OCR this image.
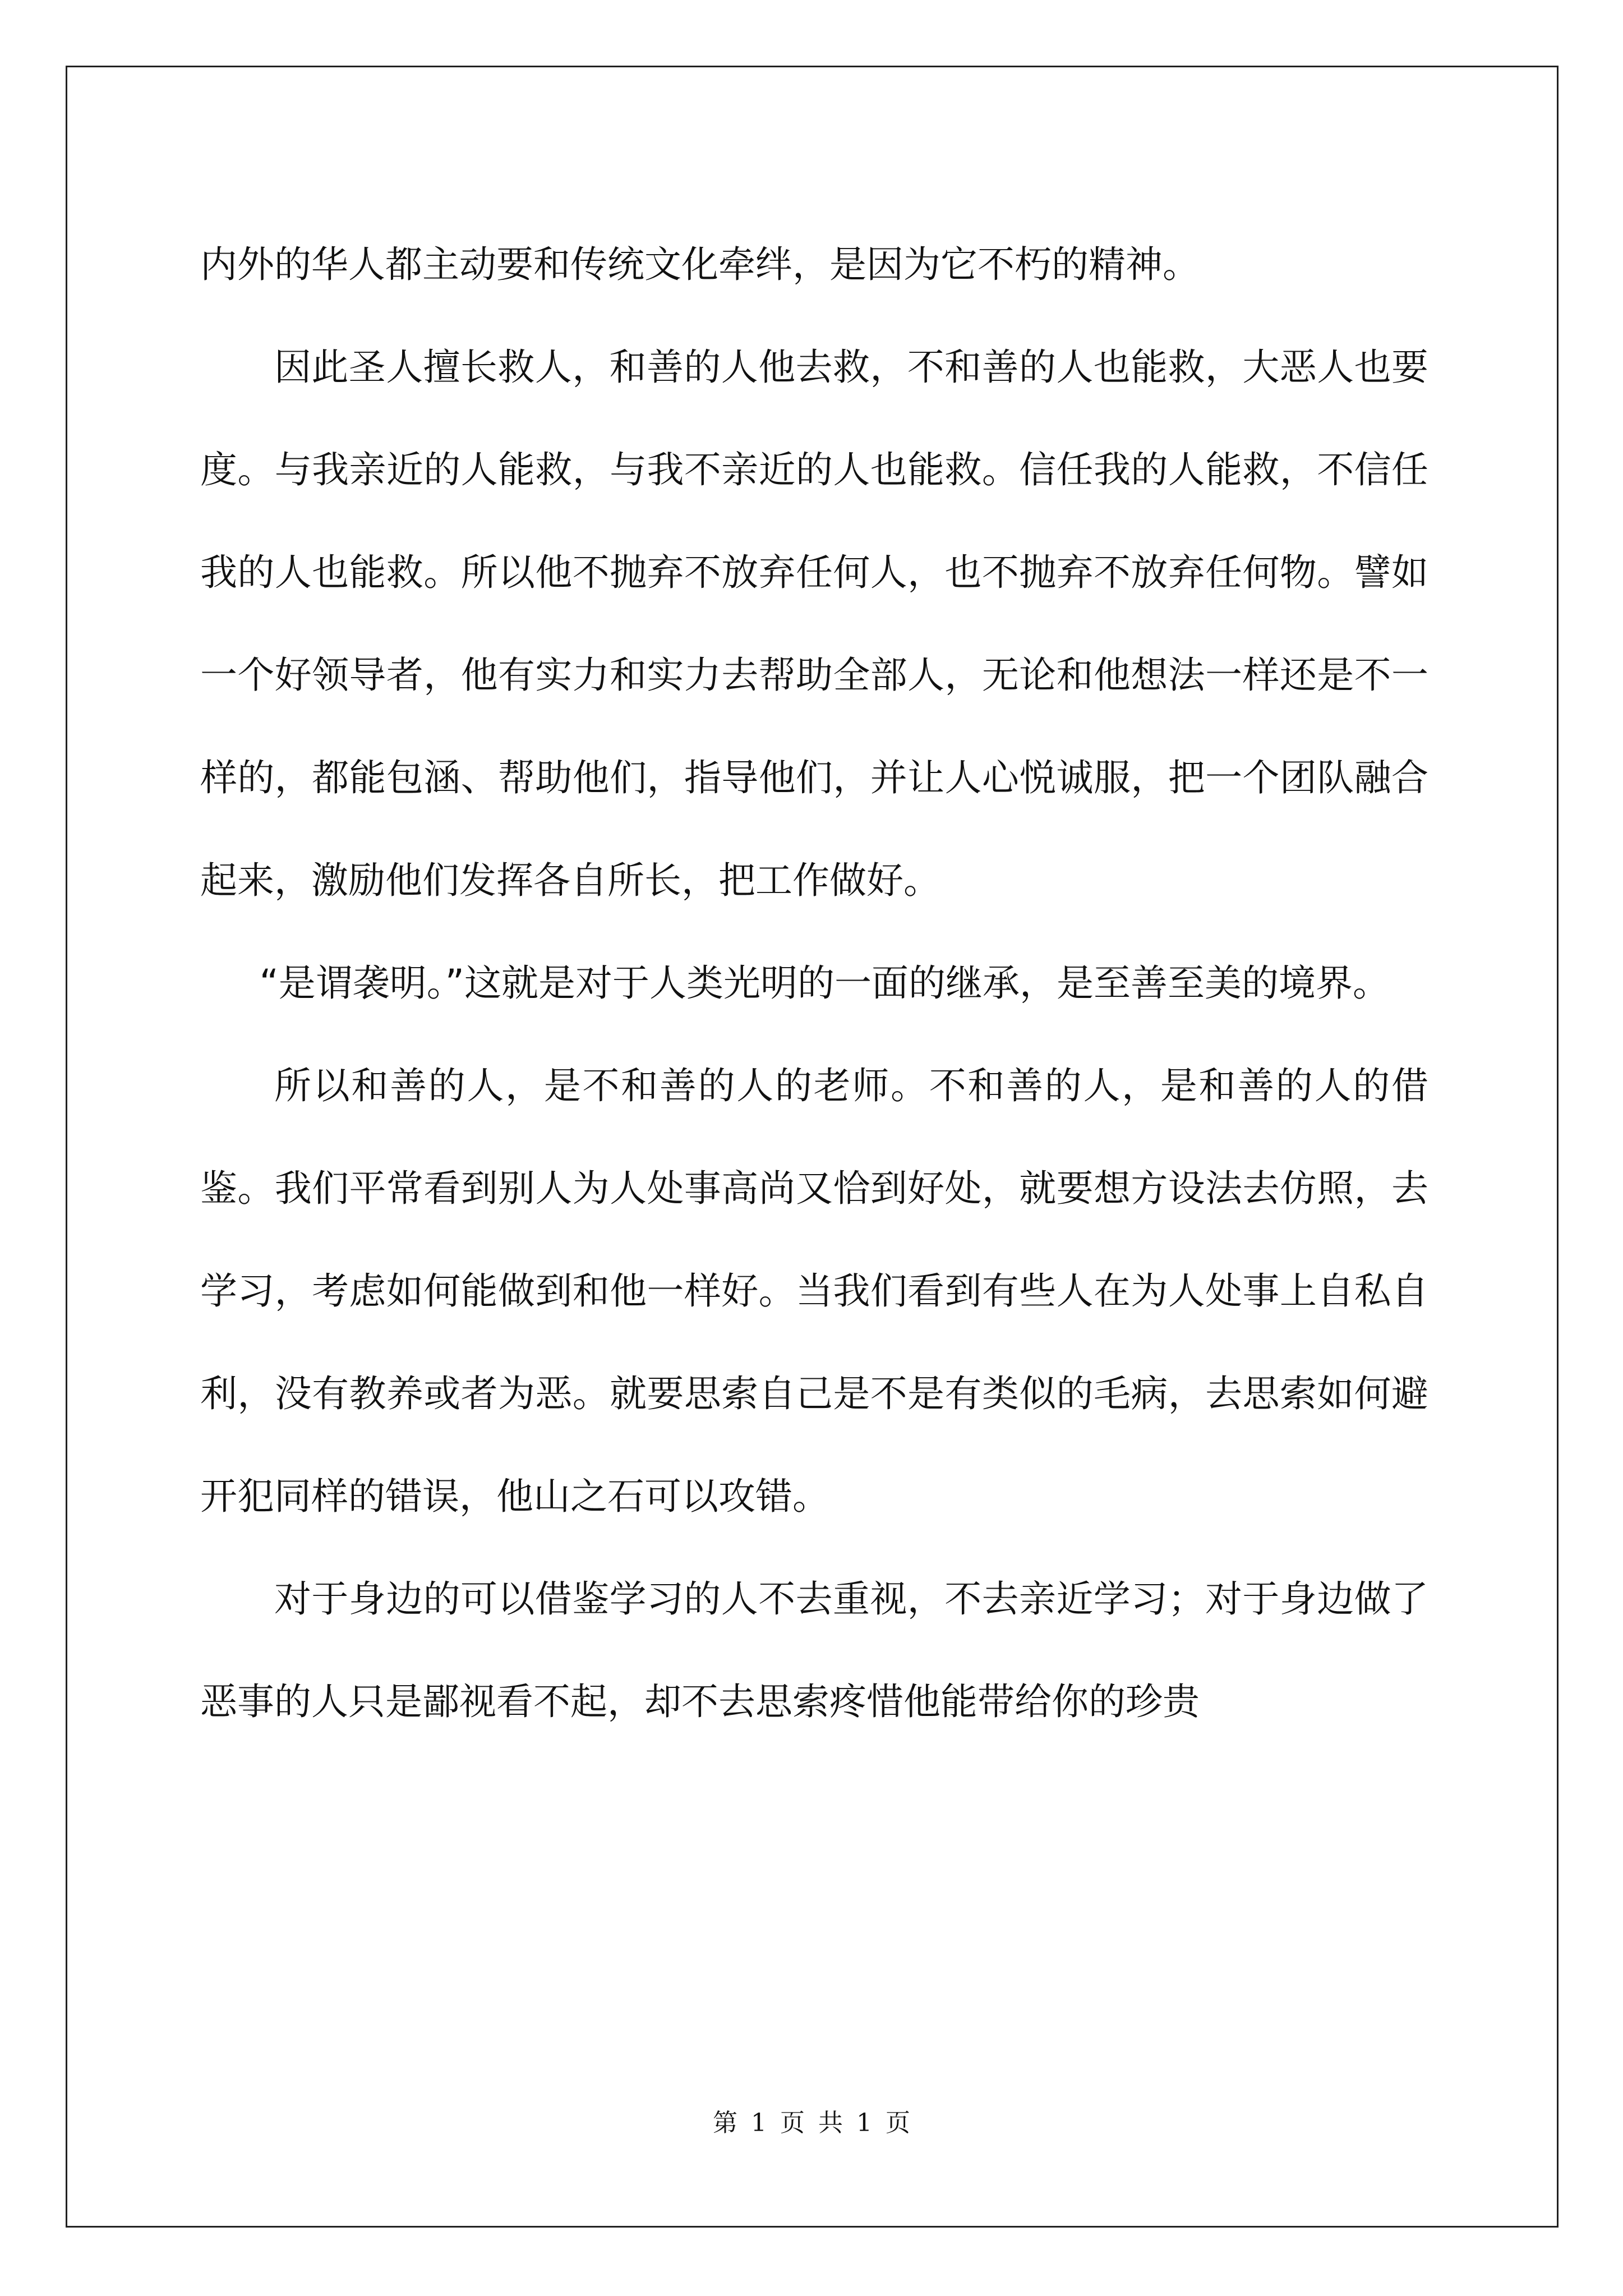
内外的华人都主动要和传统文化牵绊，是因为它不朽的精神。

因此圣人擅长救人，和善的人他去救，不和善的人也能救，大恶人也要度。与我亲近的人能救，与我不亲近的人也能救。信任我的人能救，不信任我的人也能救。所以他不抛弃不放弃任何人，也不抛弃不放弃任何物。譬如一个好领导者，他有实力和实力去帮助全部人，无论和他想法一样还是不一样的，都能包涵、帮助他们，指导他们，并让人心悦诚服，把一个团队融合起来，激励他们发挥各自所长，把工作做好。

“是谓袭明。”这就是对于人类光明的一面的继承，是至善至美的境界。

所以和善的人，是不和善的人的老师。不和善的人，是和善的人的借鉴。我们平常看到别人为人处事高尚又恰到好处，就要想方设法去仿照，去学习，考虑如何能做到和他一样好。当我们看到有些人在为人处事上自私自利，没有教养或者为恶。就要思索自己是不是有类似的毛病，去思索如何避开犯同样的错误，他山之石可以攻错。

对于身边的可以借鉴学习的人不去重视，不去亲近学习；对于身边做了恶事的人只是鄙视看不起，却不去思索疼惜他能带给你的珍贵

第 1 页 共 1 页
